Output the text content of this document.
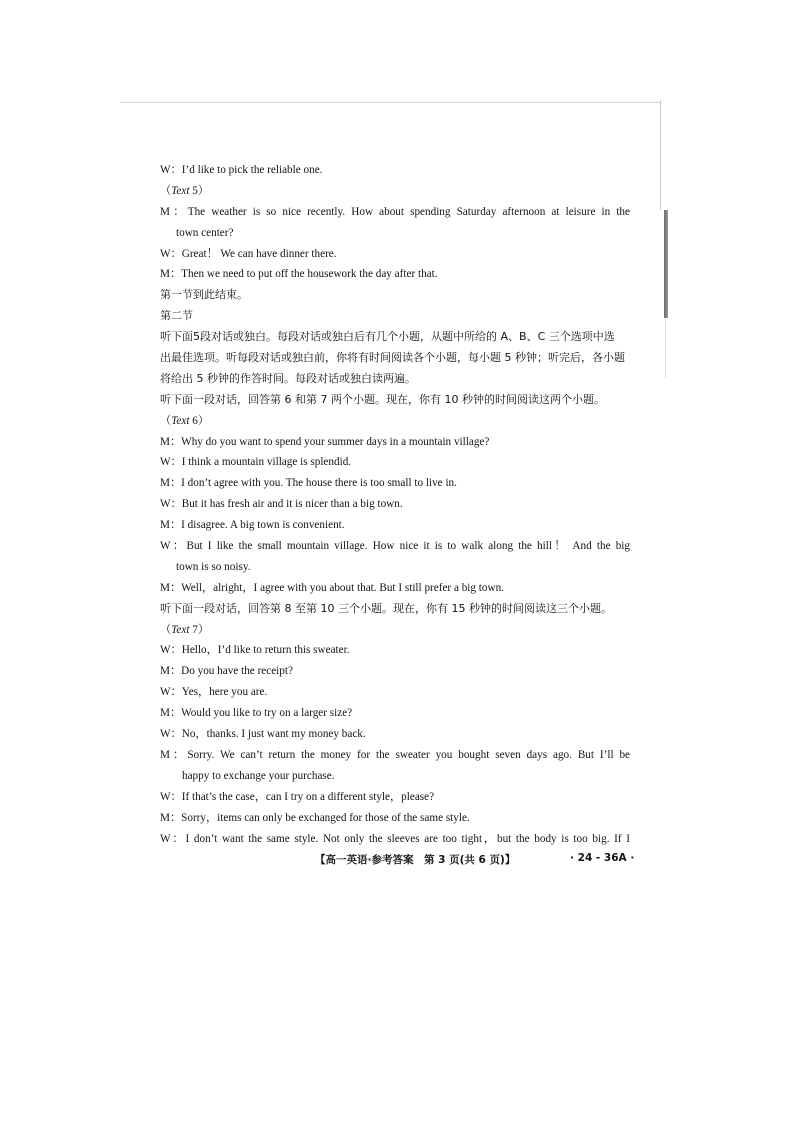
W：I’d like to pick the reliable one.
（Text 5）
M：The weather is so nice recently. How about spending Saturday afternoon at leisure in the
town center?
W：Great！ We can have dinner there.
M：Then we need to put off the housework the day after that.
第一节到此结束。
第二节
听下面5段对话或独白。每段对话或独白后有几个小题，从题中所给的 A、B、C 三个选项中选
出最佳选项。听每段对话或独白前，你将有时间阅读各个小题，每小题 5 秒钟；听完后，各小题
将给出 5 秒钟的作答时间。每段对话或独白读两遍。
听下面一段对话，回答第 6 和第 7 两个小题。现在，你有 10 秒钟的时间阅读这两个小题。
（Text 6）
M：Why do you want to spend your summer days in a mountain village?
W：I think a mountain village is splendid.
M：I don’t agree with you. The house there is too small to live in.
W：But it has fresh air and it is nicer than a big town.
M：I disagree. A big town is convenient.
W：But I like the small mountain village. How nice it is to walk along the hill！ And the big
town is so noisy.
M：Well，alright，I agree with you about that. But I still prefer a big town.
听下面一段对话，回答第 8 至第 10 三个小题。现在，你有 15 秒钟的时间阅读这三个小题。
（Text 7）
W：Hello，I’d like to return this sweater.
M：Do you have the receipt?
W：Yes，here you are.
M：Would you like to try on a larger size?
W：No，thanks. I just want my money back.
M：Sorry. We can’t return the money for the sweater you bought seven days ago. But I’ll be
happy to exchange your purchase.
W：If that’s the case，can I try on a different style，please?
M：Sorry，items can only be exchanged for those of the same style.
W：I don’t want the same style. Not only the sleeves are too tight，but the body is too big. If I
【高一英语·参考答案　第 3 页(共 6 页)】	· 24 - 36A ·
